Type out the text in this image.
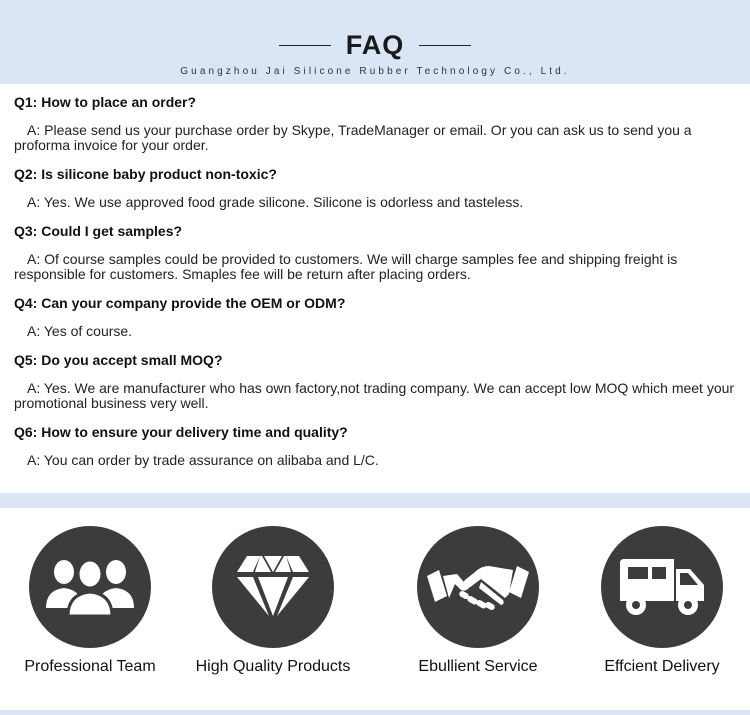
FAQ
Guangzhou Jai Silicone Rubber Technology Co., Ltd.
Q1: How to place an order?
A: Please send us your purchase order by Skype, TradeManager or email. Or you can ask us to send you a proforma invoice for your order.
Q2: Is silicone baby product non-toxic?
A: Yes. We use approved food grade silicone. Silicone is odorless and tasteless.
Q3: Could I get samples?
A: Of course samples could be provided to customers. We will charge samples fee and shipping freight is responsible for customers. Smaples fee will be return after placing orders.
Q4: Can your company provide the OEM or ODM?
A: Yes of course.
Q5: Do you accept small MOQ?
A: Yes. We are manufacturer who has own factory,not trading company. We can accept low MOQ which meet your promotional business very well.
Q6: How to ensure your delivery time and quality?
A: You can order by trade assurance on alibaba and L/C.
Professional Team	High Quality Products	Ebullient Service	Effcient Delivery
